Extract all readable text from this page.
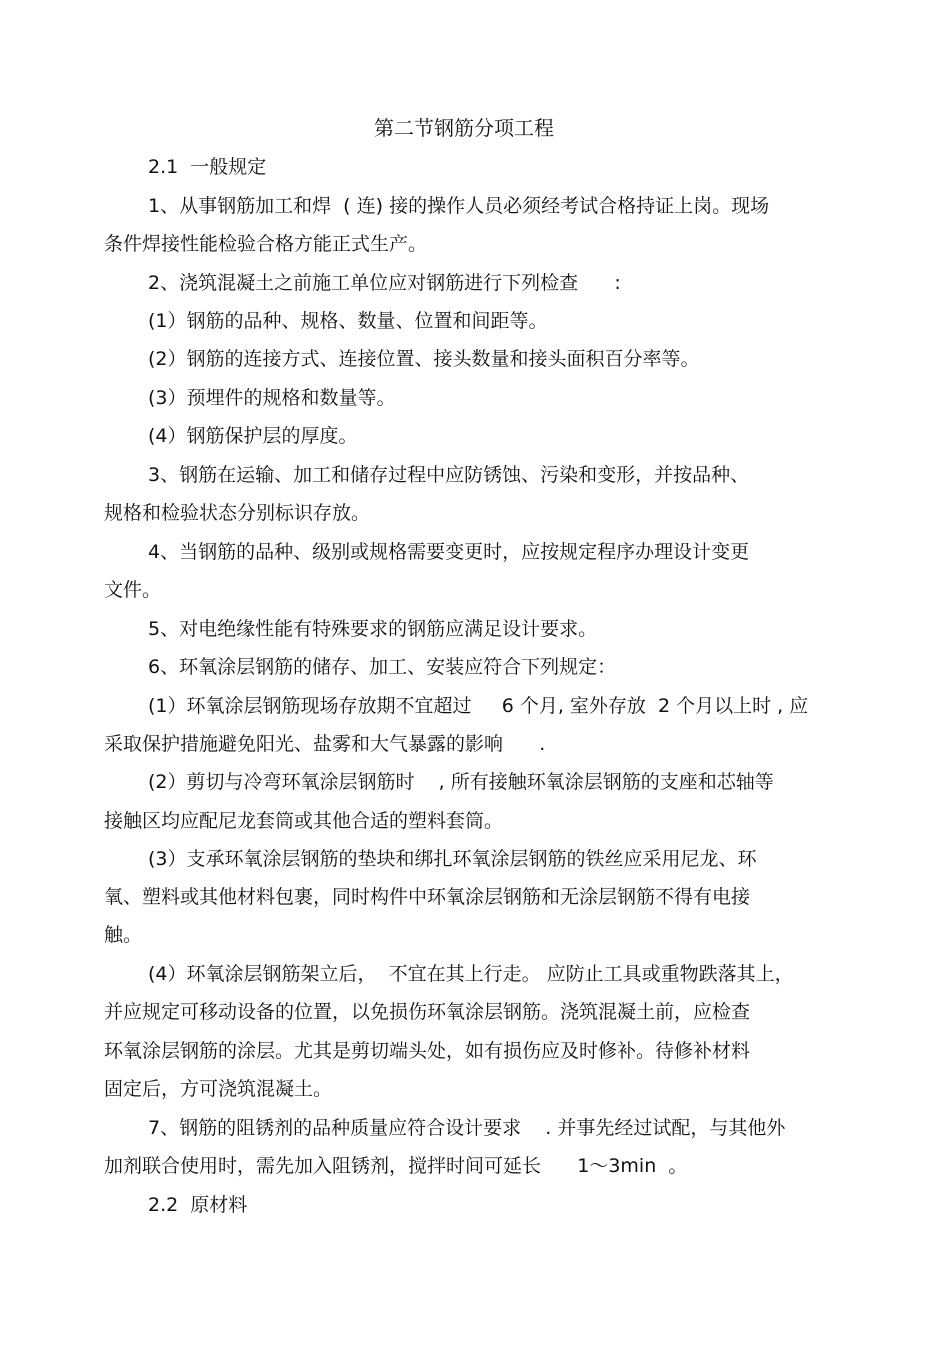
第二节钢筋分项工程
2.1  一般规定
1、从事钢筋加工和焊  ( 连) 接的操作人员必须经考试合格持证上岗。现场
条件焊接性能检验合格方能正式生产。
2、浇筑混凝土之前施工单位应对钢筋进行下列检查      :
(1）钢筋的品种、规格、数量、位置和间距等。
(2）钢筋的连接方式、连接位置、接头数量和接头面积百分率等。
(3）预埋件的规格和数量等。
(4）钢筋保护层的厚度。
3、钢筋在运输、加工和储存过程中应防锈蚀、污染和变形，并按品种、
规格和检验状态分别标识存放。
4、当钢筋的品种、级别或规格需要变更时，应按规定程序办理设计变更
文件。
5、对电绝缘性能有特殊要求的钢筋应满足设计要求。
6、环氧涂层钢筋的储存、加工、安装应符合下列规定：
(1）环氧涂层钢筋现场存放期不宜超过     6 个月, 室外存放  2 个月以上时 , 应
采取保护措施避免阳光、盐雾和大气暴露的影响      .
(2）剪切与冷弯环氧涂层钢筋时    , 所有接触环氧涂层钢筋的支座和芯轴等
接触区均应配尼龙套筒或其他合适的塑料套筒。
(3）支承环氧涂层钢筋的垫块和绑扎环氧涂层钢筋的铁丝应采用尼龙、环
氧、塑料或其他材料包裹，同时构件中环氧涂层钢筋和无涂层钢筋不得有电接
触。
(4）环氧涂层钢筋架立后，  不宜在其上行走。 应防止工具或重物跌落其上，
并应规定可移动设备的位置，以免损伤环氧涂层钢筋。浇筑混凝土前，应检查
环氧涂层钢筋的涂层。尤其是剪切端头处，如有损伤应及时修补。待修补材料
固定后，方可浇筑混凝土。
7、钢筋的阻锈剂的品种质量应符合设计要求    . 并事先经过试配，与其他外
加剂联合使用时，需先加入阻锈剂，搅拌时间可延长      1～3min  。
2.2  原材料
